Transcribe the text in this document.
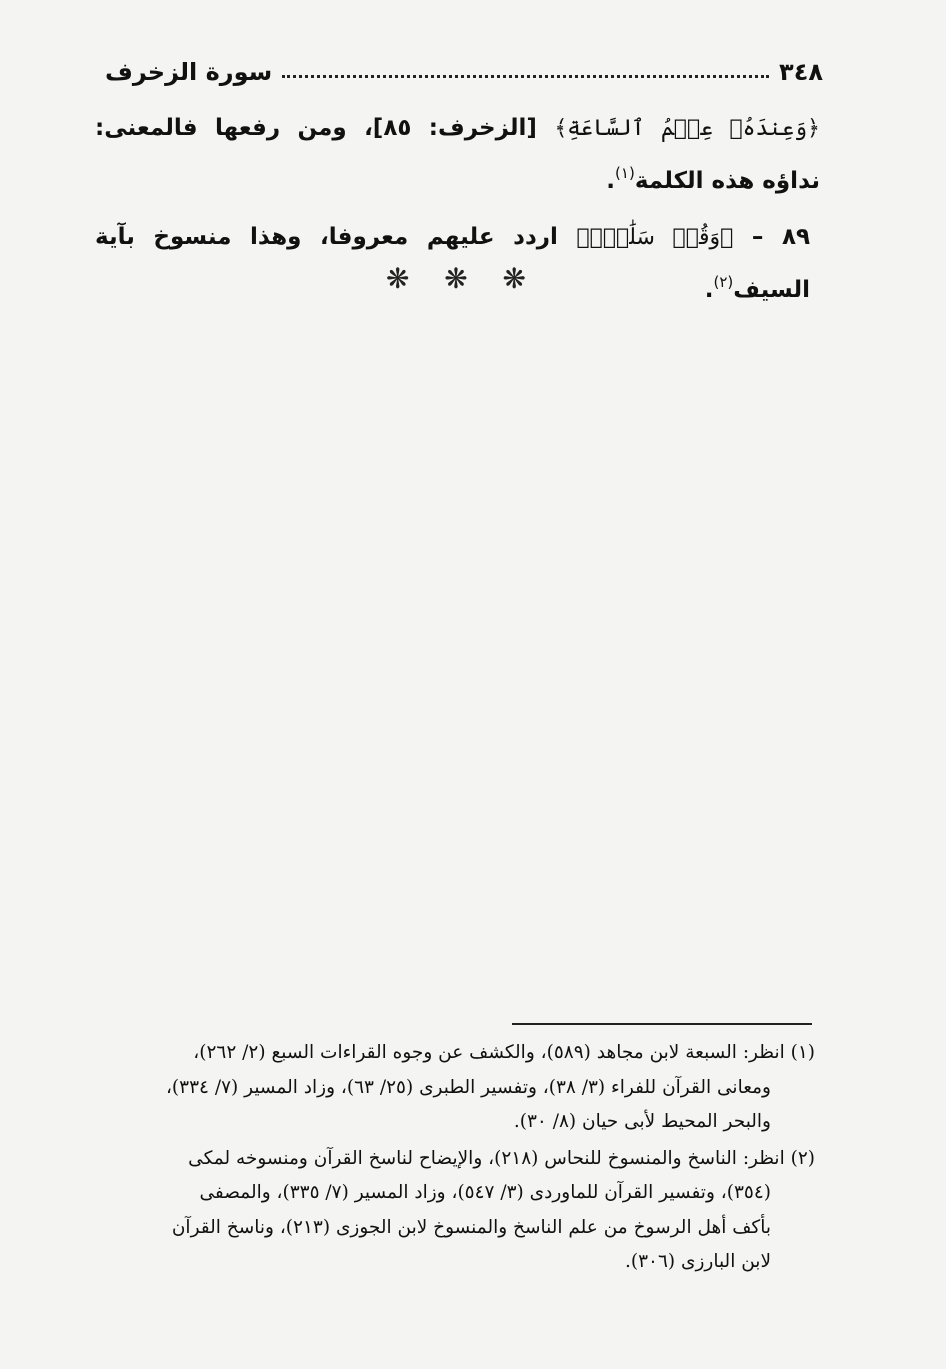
٣٤٨
سورة الزخرف

﴿وَعِندَهُۥ عِلۡمُ ٱلسَّاعَةِ﴾ [الزخرف: ٨٥]، ومن رفعها فالمعنى: نداؤه هذه الكلمة$^{(١)}$.

٨٩ – ﴿وَقُلۡ سَلَٰمٞۚ﴾ اردد عليهم معروفا، وهذا منسوخ بآية السيف$^{(٢)}$.

❋ ❋ ❋

(١) انظر: السبعة لابن مجاهد (٥٨٩)، والكشف عن وجوه القراءات السبع (٢/ ٢٦٢)،
ومعانى القرآن للفراء (٣/ ٣٨)، وتفسير الطبرى (٢٥/ ٦٣)، وزاد المسير (٧/ ٣٣٤)،
والبحر المحيط لأبى حيان (٨/ ٣٠).

(٢) انظر: الناسخ والمنسوخ للنحاس (٢١٨)، والإيضاح لناسخ القرآن ومنسوخه لمكى
(٣٥٤)، وتفسير القرآن للماوردى (٣/ ٥٤٧)، وزاد المسير (٧/ ٣٣٥)، والمصفى
بأكف أهل الرسوخ من علم الناسخ والمنسوخ لابن الجوزى (٢١٣)، وناسخ القرآن
لابن البارزى (٣٠٦).
